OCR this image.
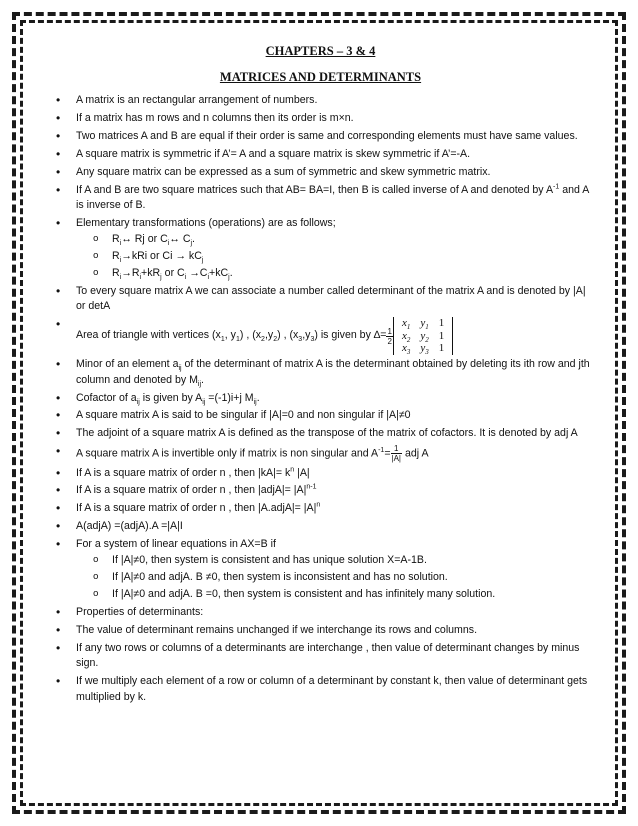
CHAPTERS – 3 & 4

MATRICES AND DETERMINANTS

• A matrix is an rectangular arrangement of numbers.
• If a matrix has m rows and n columns then its order is m×n.
• Two matrices A and B are equal if their order is same and corresponding elements must have same values.
• A square matrix is symmetric if A’= A and a square matrix is skew symmetric if A’=-A.
• Any square matrix can be expressed as a sum of symmetric and skew symmetric matrix.
• If A and B are two square matrices such that AB= BA=I, then B is called inverse of A and denoted by $A^{-1}$ and A is inverse of B.
• Elementary transformations (operations) are as follows;
o $R_i\leftrightarrow$ Rj or $C_i\leftrightarrow$ $C_j$.
o $R_i\to kRi$ or $Ci \to kC_j$
o $R_i\to R_i+kR_j$ or $C_i \to C_i+kC_j$.
• To every square matrix A we can associate a number called determinant of the matrix A and is denoted by |A| or detA
• Area of triangle with vertices ($x_1$, $y_1$) , $(x_2,y_2)$ , $(x_3,y_3)$ is given by ∆= $\frac{1}{2}$
$x_1$	$y_1$	1
$x_2$	$y_2$	1
$x_3$	$y_3$	1
• Minor of an element $a_{ij}$ of the determinant of matrix A is the determinant obtained by deleting its ith row and jth column and denoted by $M_{ij}$.
• Cofactor of $a_{ij}$ is given by $A_{ij} =(-1)i+j$ $M_{ij}$.
• A square matrix A is said to be singular if |A|=0 and non singular if |A|≠0
• The adjoint of a square matrix A is defined as the transpose of the matrix of cofactors. It is denoted by adj A
• A square matrix A is invertible only if matrix is non singular and $A^{-1}= \frac{1}{|A|}$ adj A
• If A is a square matrix of order n , then $|kA|= k^n$ |A|
• If A is a square matrix of order n , then |adjA|= $|A|^{n-1}$
• If A is a square matrix of order n , then |A.adjA|= $|A|^n$
• A(adjA) =(adjA).A =|A|I
• For a system of linear equations in AX=B if
o If |A|≠0, then system is consistent and has unique solution X=A-1B.
o If |A|≠0 and adjA. B ≠0, then system is inconsistent and has no solution.
o If |A|≠0 and adjA. B =0, then system is consistent and has infinitely many solution.
• Properties of determinants:
• The value of determinant remains unchanged if we interchange its rows and columns.
• If any two rows or columns of a determinants are interchange , then value of determinant changes by minus sign.
• If we multiply each element of a row or column of a determinant by constant k, then value of determinant gets multiplied by k.
